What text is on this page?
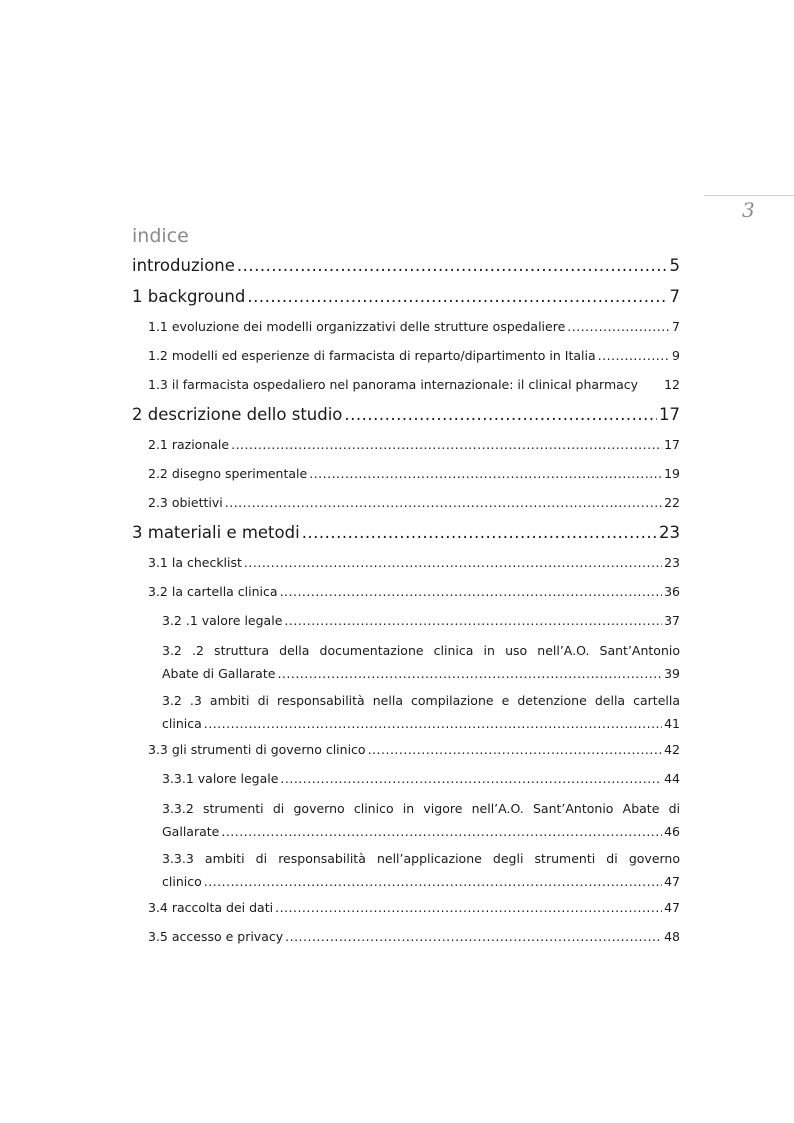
3
indice
introduzione .....	5
1 background .....	7
1.1 evoluzione dei modelli organizzativi delle strutture ospedaliere .....	7
1.2 modelli ed esperienze di farmacista di reparto/dipartimento in Italia .....	9
1.3 il farmacista ospedaliero nel panorama internazionale: il clinical pharmacy 12
2 descrizione dello studio .....	17
2.1 razionale .....	17
2.2 disegno sperimentale .....	19
2.3 obiettivi .....	22
3 materiali e metodi .....	23
3.1 la checklist .....	23
3.2 la cartella clinica .....	36
3.2 .1 valore legale .....	37
3.2 .2 struttura della documentazione clinica in uso nell’A.O. Sant’Antonio
Abate di Gallarate .....	39
3.2 .3 ambiti di responsabilità nella compilazione e detenzione della cartella
clinica .....	41
3.3 gli strumenti di governo clinico .....	42
3.3.1 valore legale .....	44
3.3.2 strumenti di governo clinico in vigore nell’A.O. Sant’Antonio Abate di
Gallarate .....	46
3.3.3 ambiti di responsabilità nell’applicazione degli strumenti di governo
clinico .....	47
3.4 raccolta dei dati .....	47
3.5 accesso e privacy .....	48
